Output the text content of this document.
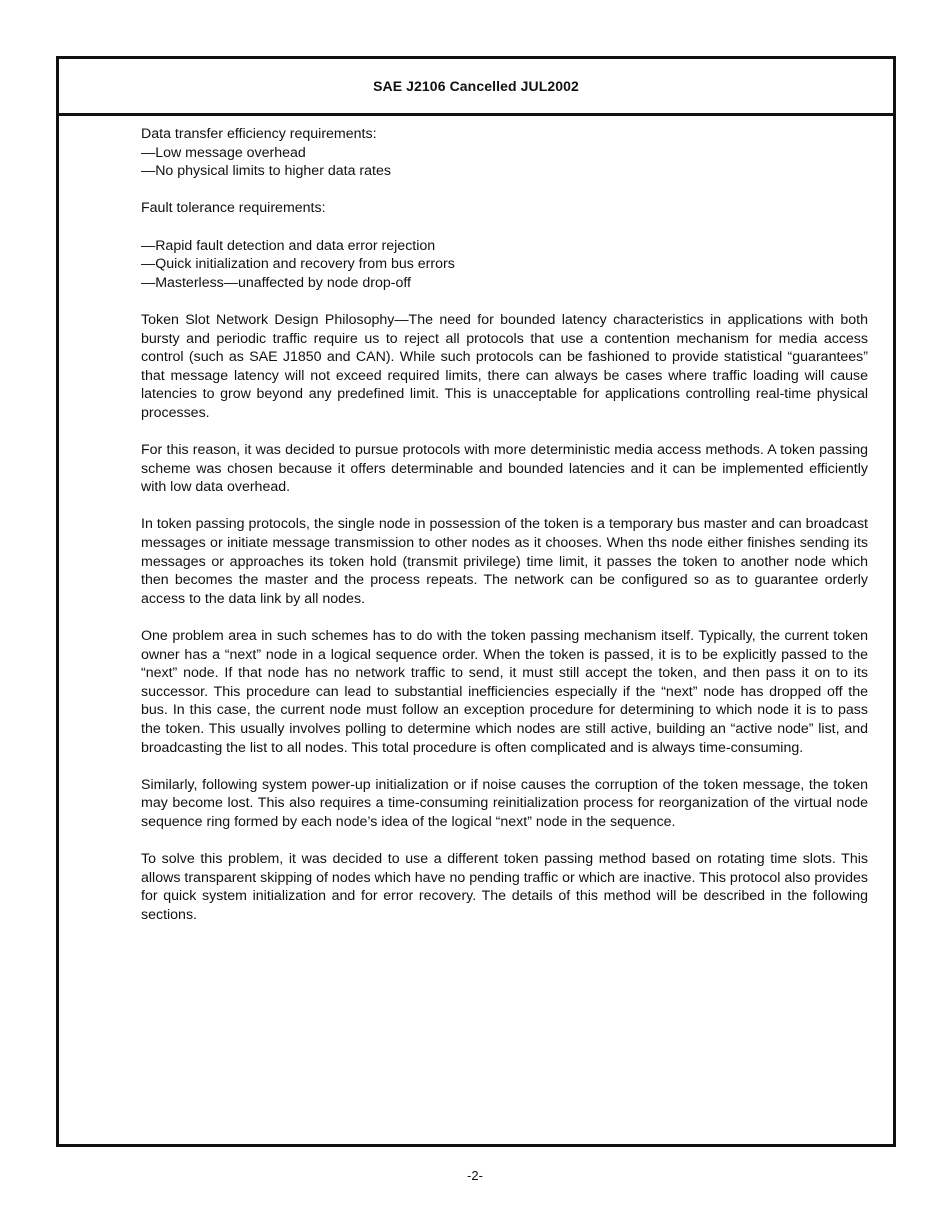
SAE J2106 Cancelled JUL2002

Data transfer efficiency requirements:
—Low message overhead
—No physical limits to higher data rates

Fault tolerance requirements:

—Rapid fault detection and data error rejection
—Quick initialization and recovery from bus errors
—Masterless—unaffected by node drop-off

Token Slot Network Design Philosophy—The need for bounded latency characteristics in applications with both bursty and periodic traffic require us to reject all protocols that use a contention mechanism for media access control (such as SAE J1850 and CAN). While such protocols can be fashioned to provide statistical “guarantees” that message latency will not exceed required limits, there can always be cases where traffic loading will cause latencies to grow beyond any predefined limit. This is unacceptable for applications controlling real-time physical processes.

For this reason, it was decided to pursue protocols with more deterministic media access methods. A token passing scheme was chosen because it offers determinable and bounded latencies and it can be implemented efficiently with low data overhead.

In token passing protocols, the single node in possession of the token is a temporary bus master and can broadcast messages or initiate message transmission to other nodes as it chooses. When ths node either finishes sending its messages or approaches its token hold (transmit privilege) time limit, it passes the token to another node which then becomes the master and the process repeats. The network can be configured so as to guarantee orderly access to the data link by all nodes.

One problem area in such schemes has to do with the token passing mechanism itself. Typically, the current token owner has a “next” node in a logical sequence order. When the token is passed, it is to be explicitly passed to the “next” node. If that node has no network traffic to send, it must still accept the token, and then pass it on to its successor. This procedure can lead to substantial inefficiencies especially if the “next” node has dropped off the bus. In this case, the current node must follow an exception procedure for determining to which node it is to pass the token. This usually involves polling to determine which nodes are still active, building an “active node” list, and broadcasting the list to all nodes. This total procedure is often complicated and is always time-consuming.

Similarly, following system power-up initialization or if noise causes the corruption of the token message, the token may become lost. This also requires a time-consuming reinitialization process for reorganization of the virtual node sequence ring formed by each node’s idea of the logical “next” node in the sequence.

To solve this problem, it was decided to use a different token passing method based on rotating time slots. This allows transparent skipping of nodes which have no pending traffic or which are inactive. This protocol also provides for quick system initialization and for error recovery. The details of this method will be described in the following sections.

-2-
